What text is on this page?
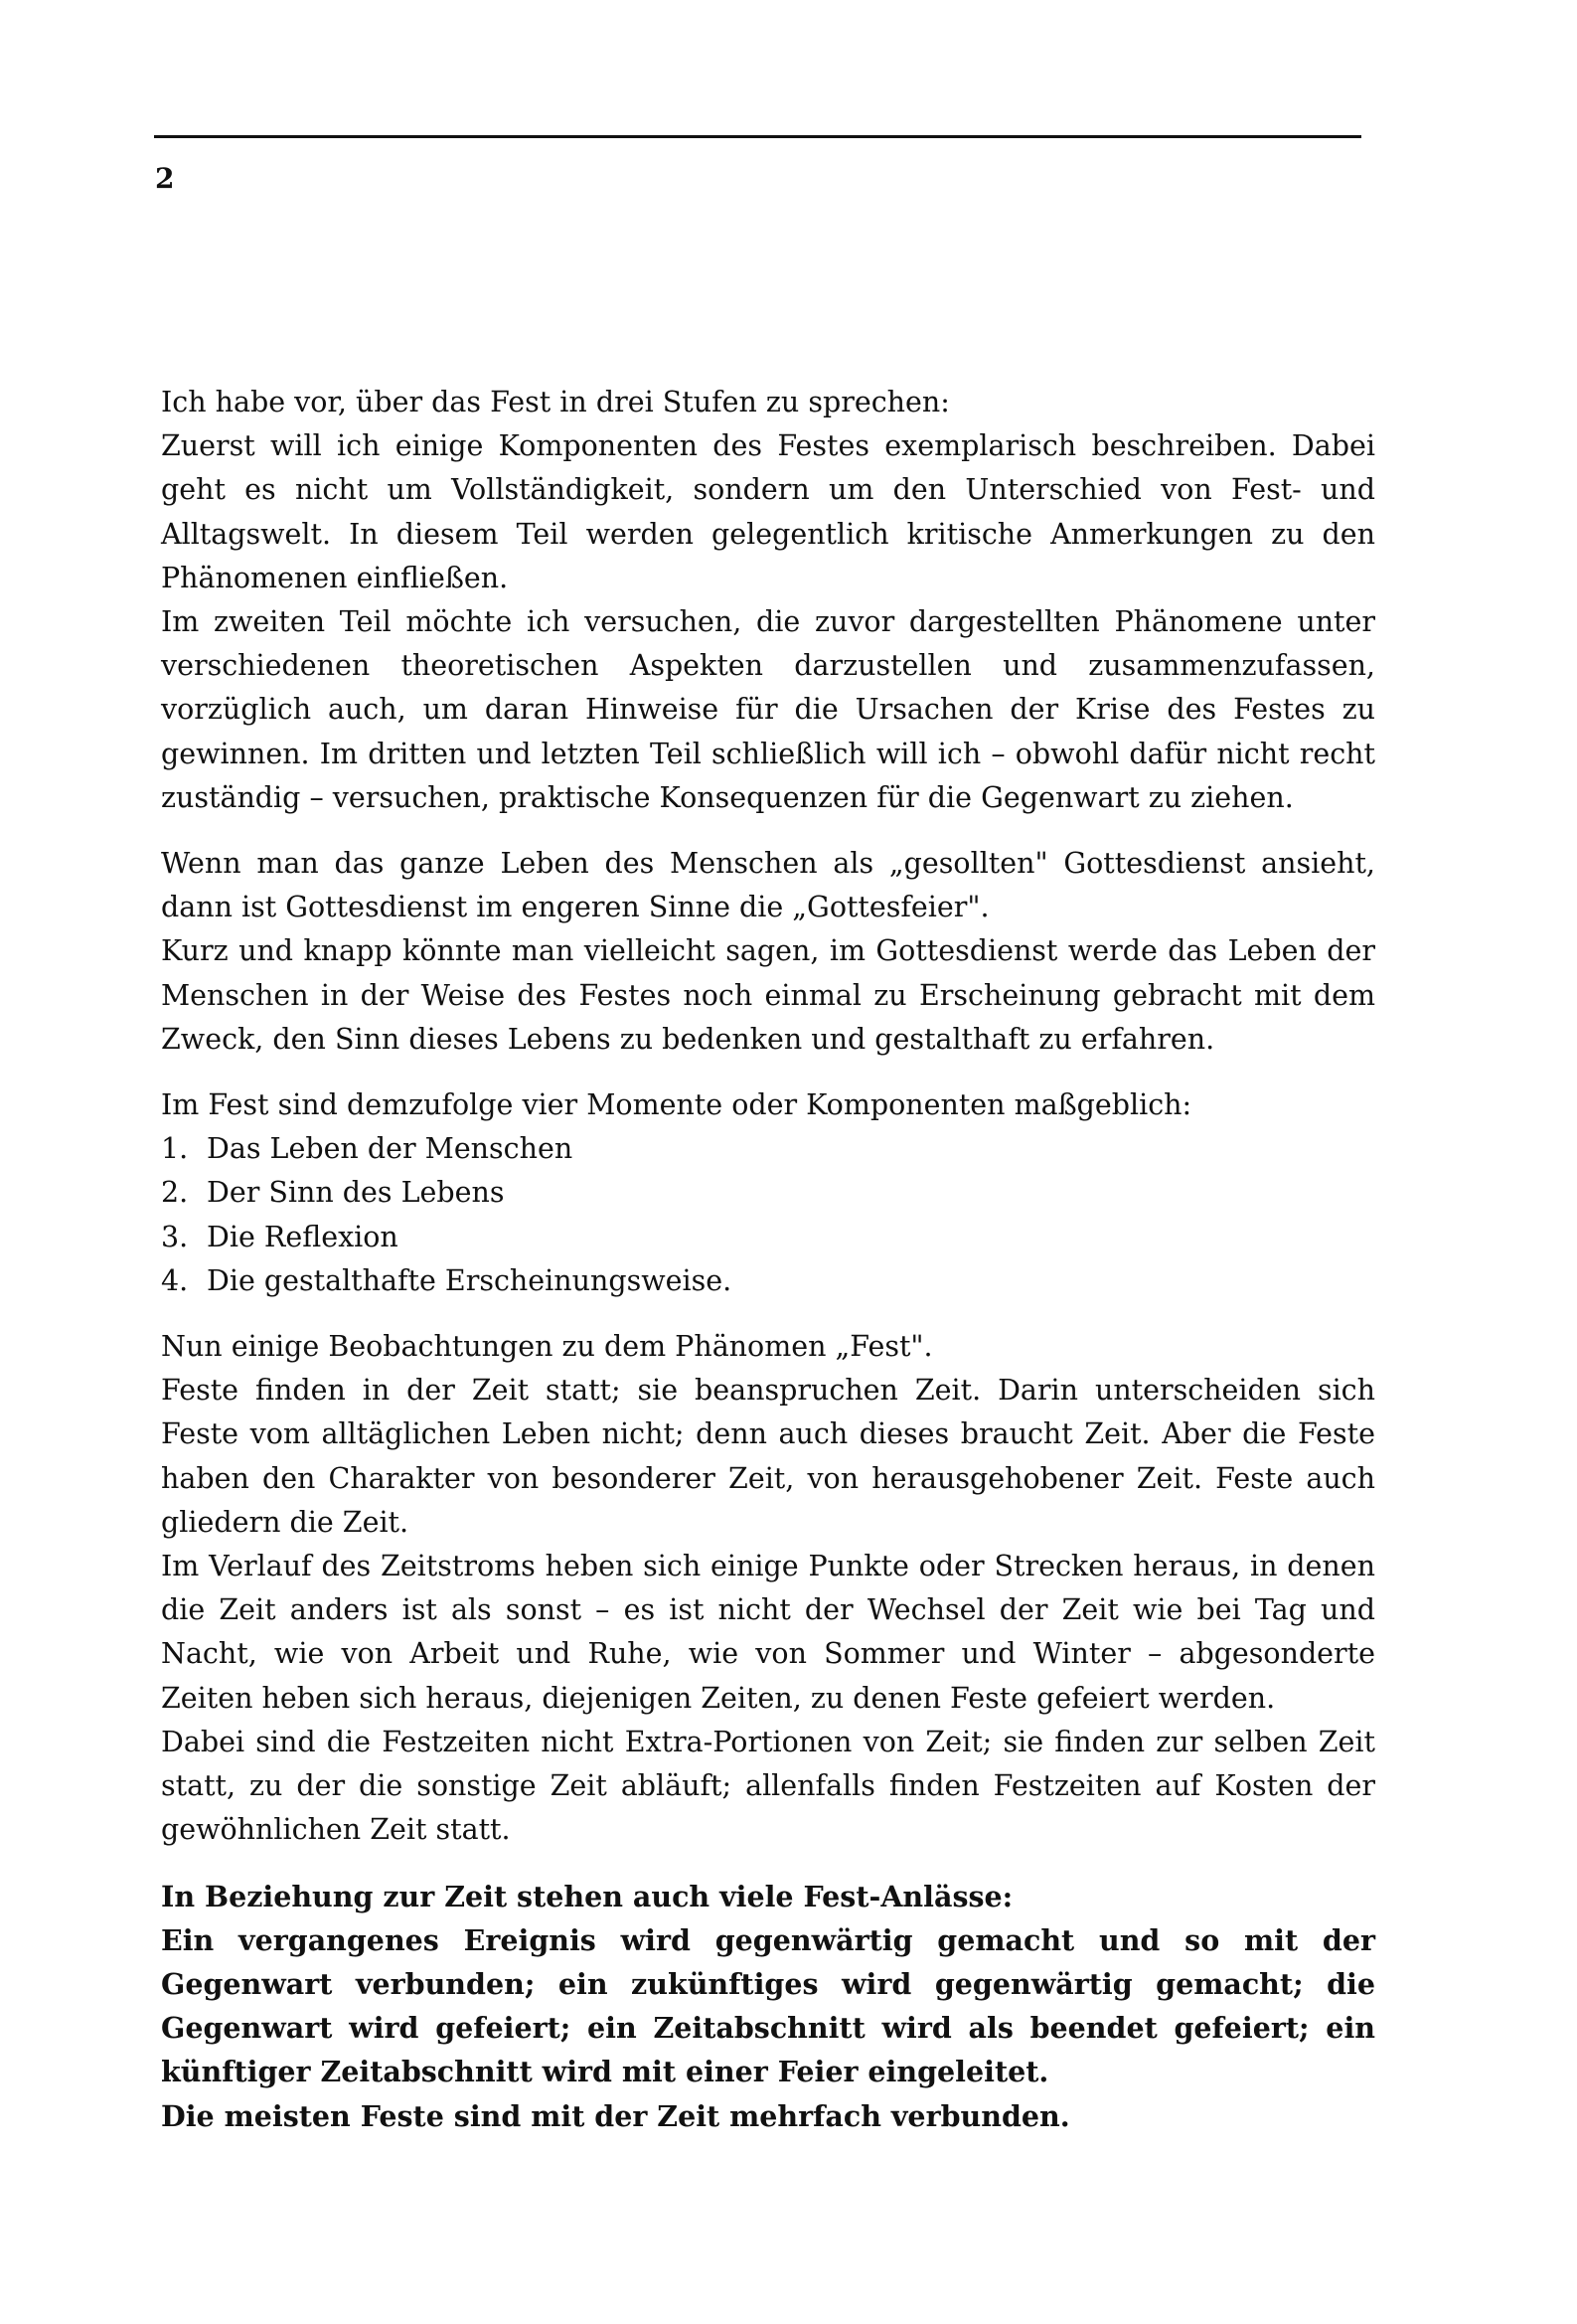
2

Ich habe vor, über das Fest in drei Stufen zu sprechen:

Zuerst will ich einige Komponenten des Festes exemplarisch beschreiben. Dabei geht es nicht um Vollständigkeit, sondern um den Unterschied von Fest- und Alltagswelt. In diesem Teil werden gelegentlich kritische Anmerkungen zu den Phänomenen einfließen.

Im zweiten Teil möchte ich versuchen, die zuvor dargestellten Phänomene unter verschiedenen theoretischen Aspekten darzustellen und zusammenzufassen, vorzüglich auch, um daran Hinweise für die Ursachen der Krise des Festes zu gewinnen. Im dritten und letzten Teil schließlich will ich – obwohl dafür nicht recht zuständig – versuchen, praktische Konsequenzen für die Gegenwart zu ziehen.

Wenn man das ganze Leben des Menschen als „gesollten" Gottesdienst ansieht, dann ist Gottesdienst im engeren Sinne die „Gottesfeier".

Kurz und knapp könnte man vielleicht sagen, im Gottesdienst werde das Leben der Menschen in der Weise des Festes noch einmal zu Erscheinung gebracht mit dem Zweck, den Sinn dieses Lebens zu bedenken und gestalthaft zu erfahren.

Im Fest sind demzufolge vier Momente oder Komponenten maßgeblich:

1. Das Leben der Menschen
2. Der Sinn des Lebens
3. Die Reflexion
4. Die gestalthafte Erscheinungsweise.

Nun einige Beobachtungen zu dem Phänomen „Fest".

Feste finden in der Zeit statt; sie beanspruchen Zeit. Darin unterscheiden sich Feste vom alltäglichen Leben nicht; denn auch dieses braucht Zeit. Aber die Feste haben den Charakter von besonderer Zeit, von herausgehobener Zeit. Feste auch gliedern die Zeit.

Im Verlauf des Zeitstroms heben sich einige Punkte oder Strecken heraus, in denen die Zeit anders ist als sonst – es ist nicht der Wechsel der Zeit wie bei Tag und Nacht, wie von Arbeit und Ruhe, wie von Sommer und Winter – abgesonderte Zeiten heben sich heraus, diejenigen Zeiten, zu denen Feste gefeiert werden.

Dabei sind die Festzeiten nicht Extra-Portionen von Zeit; sie finden zur selben Zeit statt, zu der die sonstige Zeit abläuft; allenfalls finden Festzeiten auf Kosten der gewöhnlichen Zeit statt.

In Beziehung zur Zeit stehen auch viele Fest-Anlässe:

Ein vergangenes Ereignis wird gegenwärtig gemacht und so mit der Gegenwart verbunden; ein zukünftiges wird gegenwärtig gemacht; die Gegenwart wird gefeiert; ein Zeitabschnitt wird als beendet gefeiert; ein künftiger Zeitabschnitt wird mit einer Feier eingeleitet.

Die meisten Feste sind mit der Zeit mehrfach verbunden.
